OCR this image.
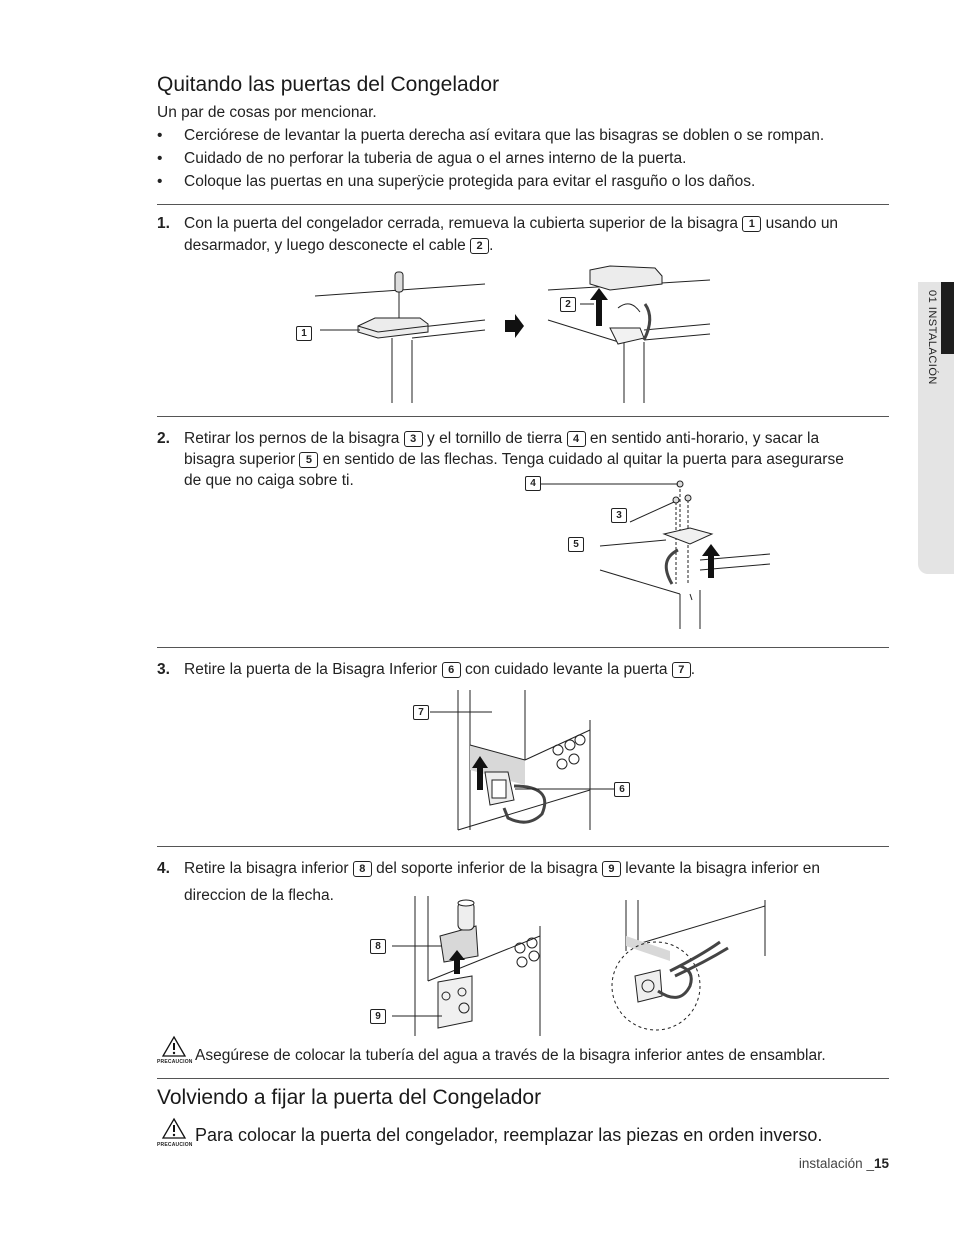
01 INSTALACIÓN
Quitando las puertas del Congelador
Un par de cosas por mencionar.
• Cerciórese de levantar la puerta derecha así evitara que las bisagras se doblen o se rompan.
• Cuidado de no perforar la tuberia de agua o el arnes interno de la puerta.
• Coloque las puertas en una superÿcie protegida para evitar el rasguño o los daños.
1. Con la puerta del congelador cerrada, remueva la cubierta superior de la bisagra 1 usando un
desarmador, y luego desconecte el cable 2 .
1
2
2. Retirar los pernos de la bisagra 3 y el tornillo de tierra 4 en sentido anti-horario, y sacar la
bisagra superior 5 en sentido de las flechas. Tenga cuidado al quitar la puerta para asegurarse
de que no caiga sobre ti.	4
3
5
3. Retire la puerta de la Bisagra Inferior 6 con cuidado levante la puerta 7 .
7
6
4. Retire la bisagra inferior 8 del soporte inferior de la bisagra 9 levante la bisagra inferior en
direccion de la flecha.
8
9
PRECAUCION Asegúrese de colocar la tubería del agua a través de la bisagra inferior antes de ensamblar.
Volviendo a fijar la puerta del Congelador
PRECAUCION Para colocar la puerta del congelador, reemplazar las piezas en orden inverso.
instalación _15
